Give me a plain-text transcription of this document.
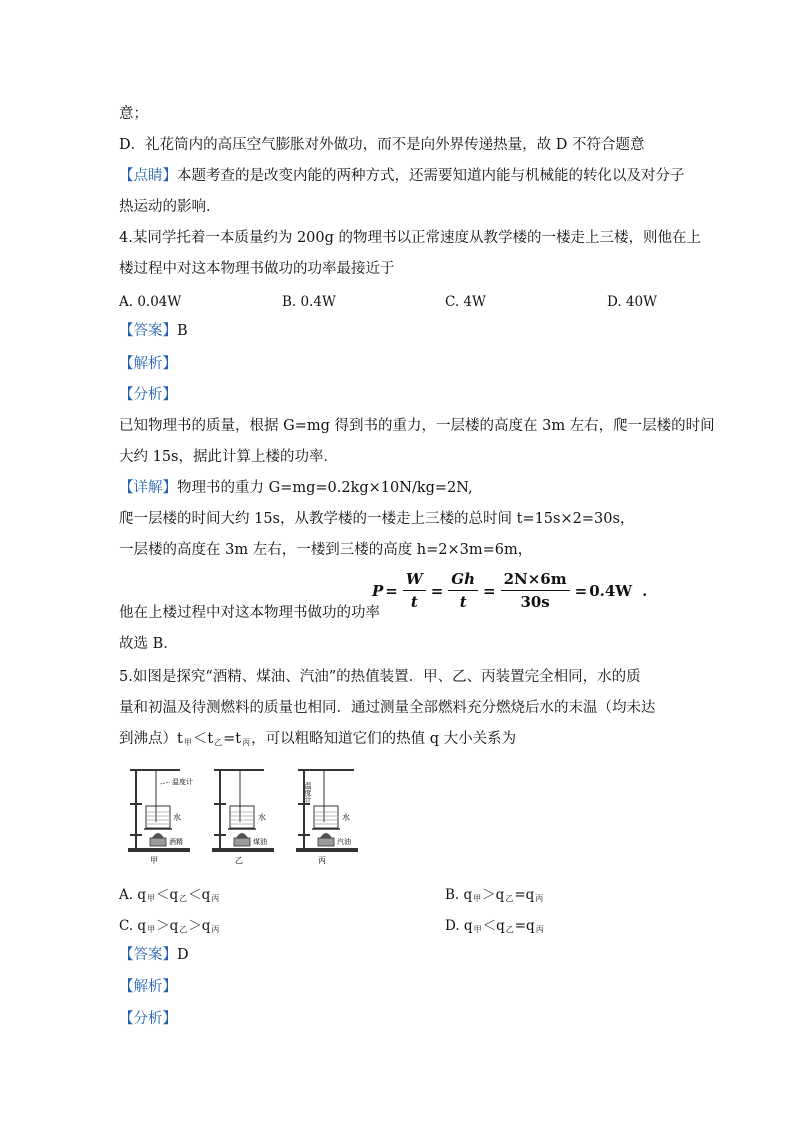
意；
D．礼花筒内的高压空气膨胀对外做功，而不是向外界传递热量，故 D 不符合题意
【点睛】本题考查的是改变内能的两种方式，还需要知道内能与机械能的转化以及对分子
热运动的影响．
4.某同学托着一本质量约为 200g 的物理书以正常速度从教学楼的一楼走上三楼，则他在上
楼过程中对这本物理书做功的功率最接近于
A. 0.04W	B. 0.4W	C. 4W	D. 40W
【答案】B
【解析】
【分析】
已知物理书的质量，根据 G=mg 得到书的重力，一层楼的高度在 3m 左右，爬一层楼的时间
大约 15s，据此计算上楼的功率．
【详解】物理书的重力 G=mg=0.2kg×10N/kg=2N,
爬一层楼的时间大约 15s，从教学楼的一楼走上三楼的总时间 t=15s×2=30s，
一层楼的高度在 3m 左右，一楼到三楼的高度 h=2×3m=6m，
他在上楼过程中对这本物理书做功的功率
$P = \frac{W}{t} = \frac{Gh}{t} = \frac{2N\times 6m}{30s} = 0.4W$ .
故选 B．
5.如图是探究“酒精、煤油、汽油”的热值装置．甲、乙、丙装置完全相同，水的质
量和初温及待测燃料的质量也相同．通过测量全部燃料充分燃烧后水的末温（均未达
到沸点）$t_甲<t_乙=t_丙$，可以粗略知道它们的热值 q 大小关系为
温度计
水
酒精
甲
水
煤油
乙
温度计
水
汽油
丙
A. $q_甲<q_乙<q_丙$	B. $q_甲>q_乙=q_丙$
C. $q_甲>q_乙>q_丙$	D. $q_甲<q_乙=q_丙$
【答案】D
【解析】
【分析】
